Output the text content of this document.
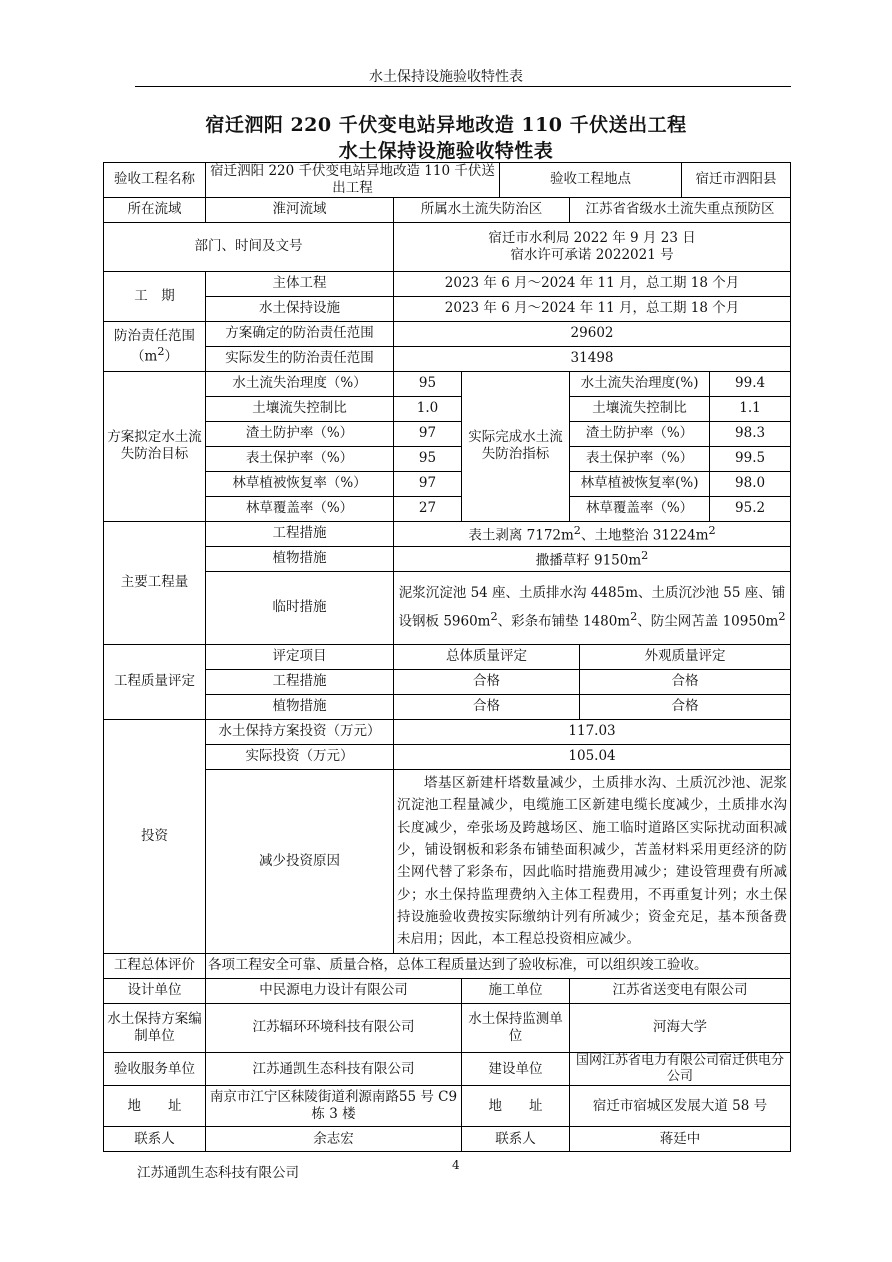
水土保持设施验收特性表
宿迁泗阳 220 千伏变电站异地改造 110 千伏送出工程
水土保持设施验收特性表
验收工程名称	宿迁泗阳 220 千伏变电站异地改造 110 千伏送出工程			验收工程地点			宿迁市泗阳县	
所在流域	淮河流域	所属水土流失防治区			江苏省省级水土流失重点预防区			
部门、时间及文号		宿迁市水利局 2022 年 9 月 23 日
宿水许可承诺 2022021 号						

工　期	主体工程	2023 年 6 月～2024 年 11 月，总工期 18 个月						
	水土保持设施	2023 年 6 月～2024 年 11 月，总工期 18 个月						

防治责任范围
$(m^2)$	方案确定的防治责任范围	29602						
	实际发生的防治责任范围	31498						
方案拟定水土流失防治目标	水土流失治理度（%）	95	实际完成水土流失防治指标		水土流失治理度(%)			99.4
	土壤流失控制比	1.0			土壤流失控制比			1.1
	渣土防护率（%）	97			渣土防护率（%）			98.3
	表土保护率（%）	95			表土保护率（%）			99.5
	林草植被恢复率（%）	97			林草植被恢复率(%)			98.0
	林草覆盖率（%）	27			林草覆盖率（%）			95.2
主要工程量	工程措施	表土剥离 $7172m^2$、土地整治 $31224m^2$
	植物措施	撒播草籽 $9150m^2$
	临时措施	泥浆沉淀池 54 座、土质排水沟 4485m、土质沉沙池 55 座、铺设钢板 $5960m^2$、彩条布铺垫 $1480m^2$、防尘网苫盖 $10950m^2$
工程质量评定	评定项目	总体质量评定				外观质量评定		
	工程措施	合格				合格		
	植物措施	合格				合格		
投资	水土保持方案投资（万元）	117.03						
	实际投资（万元）	105.04						
	减少投资原因	塔基区新建杆塔数量减少，土质排水沟、土质沉沙池、泥浆沉淀池工程量减少，电缆施工区新建电缆长度减少，土质排水沟长度减少，牵张场及跨越场区、施工临时道路区实际扰动面积减少，铺设钢板和彩条布铺垫面积减少，苫盖材料采用更经济的防尘网代替了彩条布，因此临时措施费用减少；建设管理费有所减少；水土保持监理费纳入主体工程费用，不再重复计列；水土保持设施验收费按实际缴纳计列有所减少；资金充足，基本预备费未启用；因此，本工程总投资相应减少。						

工程总体评价	各项工程安全可靠、质量合格，总体工程质量达到了验收标准，可以组织竣工验收。							
设计单位	中民源电力设计有限公司		施工单位		江苏省送变电有限公司			
水土保持方案编制单位	江苏辐环环境科技有限公司		水土保持监测单位		河海大学			
验收服务单位	江苏通凯生态科技有限公司		建设单位		国网江苏省电力有限公司宿迁供电分公司			
地　　址	南京市江宁区秣陵街道利源南路55 号 C9 栋 3 楼		地　　址		宿迁市宿城区发展大道 58 号			
联系人	余志宏		联系人		蒋廷中			
江苏通凯生态科技有限公司	4
